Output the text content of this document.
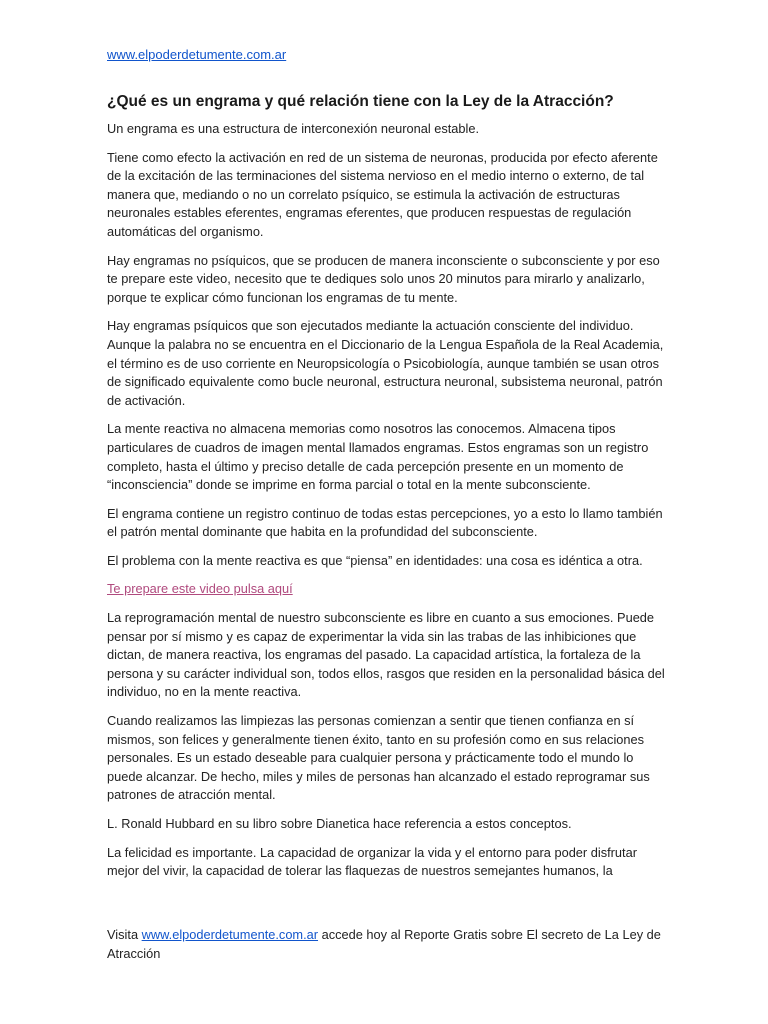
www.elpoderdetumente.com.ar
¿Qué es un engrama y qué relación tiene con la Ley de la Atracción?

Un engrama es una estructura de interconexión neuronal estable.

Tiene como efecto la activación en red de un sistema de neuronas, producida por efecto aferente de la excitación de las terminaciones del sistema nervioso en el medio interno o externo, de tal manera que, mediando o no un correlato psíquico, se estimula la activación de estructuras neuronales estables eferentes, engramas eferentes, que producen respuestas de regulación automáticas del organismo.

Hay engramas no psíquicos, que se producen de manera inconsciente o subconsciente y por eso te prepare este video, necesito que te dediques solo unos 20 minutos para mirarlo y analizarlo, porque te explicar cómo funcionan los engramas de tu mente.

Hay engramas psíquicos que son ejecutados mediante la actuación consciente del individuo. Aunque la palabra no se encuentra en el Diccionario de la Lengua Española de la Real Academia, el término es de uso corriente en Neuropsicología o Psicobiología, aunque también se usan otros de significado equivalente como bucle neuronal, estructura neuronal, subsistema neuronal, patrón de activación.

La mente reactiva no almacena memorias como nosotros las conocemos. Almacena tipos particulares de cuadros de imagen mental llamados engramas. Estos engramas son un registro completo, hasta el último y preciso detalle de cada percepción presente en un momento de “inconsciencia” donde se imprime en forma parcial o total en la mente subconsciente.

El engrama contiene un registro continuo de todas estas percepciones, yo a esto lo llamo también el patrón mental dominante que habita en la profundidad del subconsciente.

El problema con la mente reactiva es que “piensa” en identidades: una cosa es idéntica a otra.

Te prepare este video pulsa aquí

La reprogramación mental de nuestro subconsciente es libre en cuanto a sus emociones. Puede pensar por sí mismo y es capaz de experimentar la vida sin las trabas de las inhibiciones que dictan, de manera reactiva, los engramas del pasado. La capacidad artística, la fortaleza de la persona y su carácter individual son, todos ellos, rasgos que residen en la personalidad básica del individuo, no en la mente reactiva.

Cuando realizamos las limpiezas las personas comienzan a sentir que tienen confianza en sí mismos, son felices y generalmente tienen éxito, tanto en su profesión como en sus relaciones personales. Es un estado deseable para cualquier persona y prácticamente todo el mundo lo puede alcanzar. De hecho, miles y miles de personas han alcanzado el estado reprogramar sus patrones de atracción mental.

L. Ronald Hubbard en su libro sobre Dianetica hace referencia a estos conceptos.

La felicidad es importante. La capacidad de organizar la vida y el entorno para poder disfrutar mejor del vivir, la capacidad de tolerar las flaquezas de nuestros semejantes humanos, la

Visita www.elpoderdetumente.com.ar accede hoy al Reporte Gratis sobre El secreto de La Ley de Atracción
